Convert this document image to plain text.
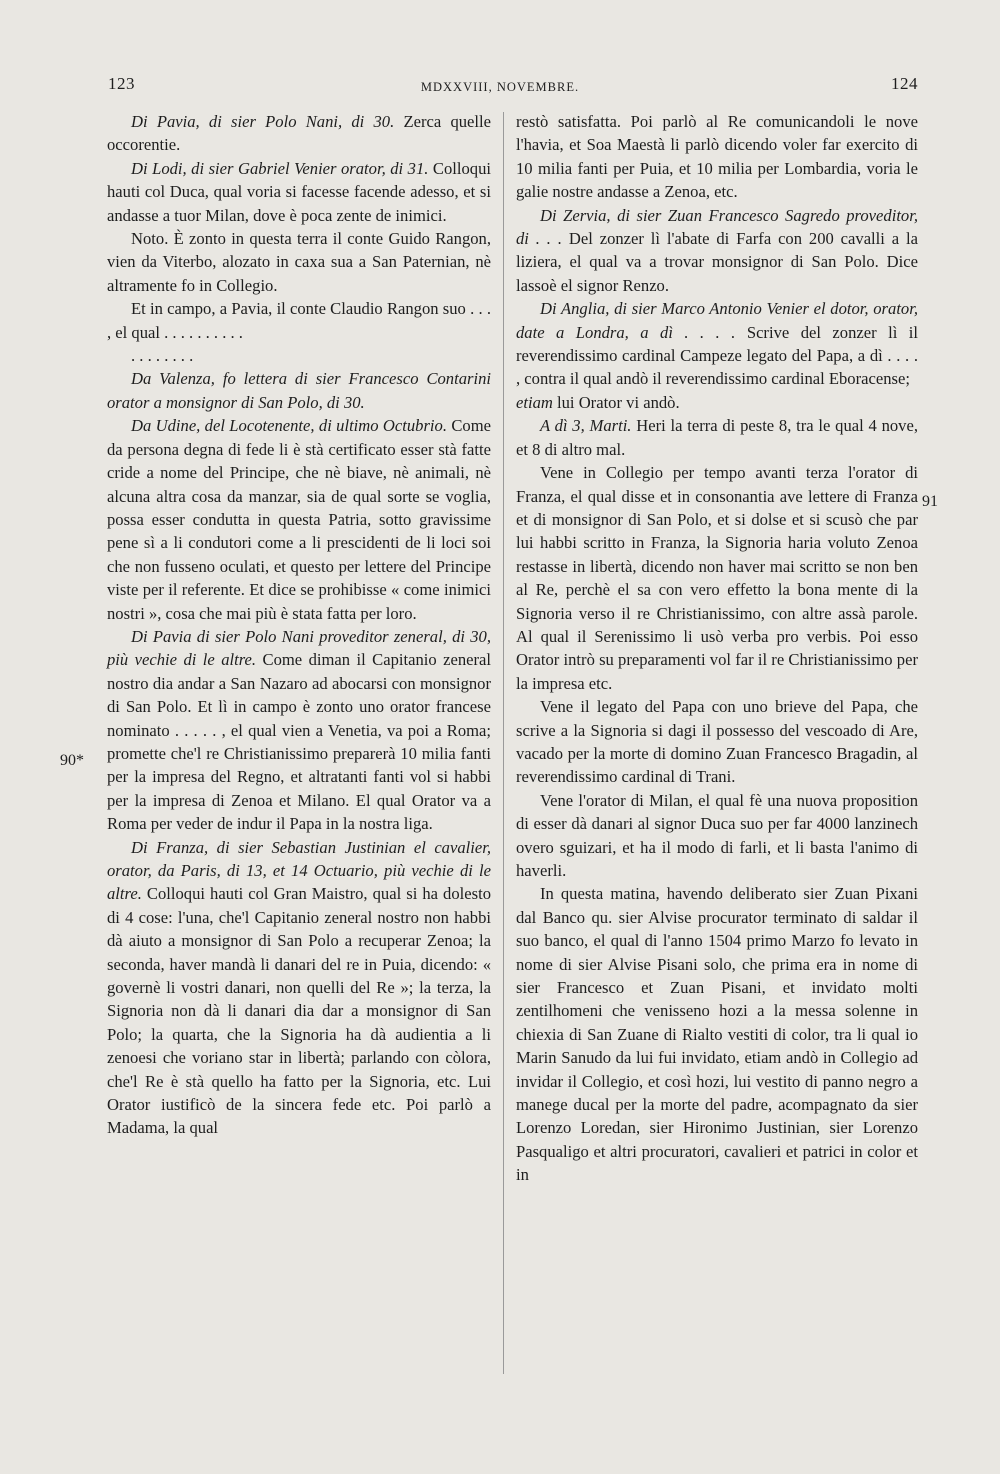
123	MDXXVIII, NOVEMBRE.	124
90*
91

Di Pavia, di sier Polo Nani, di 30. Zerca quelle occorentie.

Di Lodi, di sier Gabriel Venier orator, di 31. Colloqui hauti col Duca, qual voria si facesse facende adesso, et si andasse a tuor Milan, dove è poca zente de inimici.

Noto. È zonto in questa terra il conte Guido Rangon, vien da Viterbo, alozato in caxa sua a San Paternian, nè altramente fo in Collegio.

Et in campo, a Pavia, il conte Claudio Rangon suo . . . , el qual . . . . . . . . . .

. . . . . . . .

Da Valenza, fo lettera di sier Francesco Contarini orator a monsignor di San Polo, di 30.

Da Udine, del Locotenente, di ultimo Octubrio. Come da persona degna di fede li è stà certificato esser stà fatte cride a nome del Principe, che nè biave, nè animali, nè alcuna altra cosa da manzar, sia de qual sorte se voglia, possa esser condutta in questa Patria, sotto gravissime pene sì a li condutori come a li prescidenti de li loci soi che non fusseno oculati, et questo per lettere del Principe viste per il referente. Et dice se prohibisse « come inimici nostri », cosa che mai più è stata fatta per loro.

Di Pavia di sier Polo Nani proveditor zeneral, di 30, più vechie di le altre. Come diman il Capitanio zeneral nostro dia andar a San Nazaro ad abocarsi con monsignor di San Polo. Et lì in campo è zonto uno orator francese nominato . . . . . , el qual vien a Venetia, va poi a Roma; promette che'l re Christianissimo preparerà 10 milia fanti per la impresa del Regno, et altratanti fanti vol si habbi per la impresa di Zenoa et Milano. El qual Orator va a Roma per veder de indur il Papa in la nostra liga.

Di Franza, di sier Sebastian Justinian el cavalier, orator, da Paris, di 13, et 14 Octuario, più vechie di le altre. Colloqui hauti col Gran Maistro, qual si ha dolesto di 4 cose: l'una, che'l Capitanio zeneral nostro non habbi dà aiuto a monsignor di San Polo a recuperar Zenoa; la seconda, haver mandà li danari del re in Puia, dicendo: « governè li vostri danari, non quelli del Re »; la terza, la Signoria non dà li danari dia dar a monsignor di San Polo; la quarta, che la Signoria ha dà audientia a li zenoesi che voriano star in libertà; parlando con còlora, che'l Re è stà quello ha fatto per la Signoria, etc. Lui Orator iustificò de la sincera fede etc. Poi parlò a Madama, la qual

restò satisfatta. Poi parlò al Re comunicandoli le nove l'havia, et Soa Maestà li parlò dicendo voler far exercito di 10 milia fanti per Puia, et 10 milia per Lombardia, voria le galie nostre andasse a Zenoa, etc.

Di Zervia, di sier Zuan Francesco Sagredo proveditor, di . . . Del zonzer lì l'abate di Farfa con 200 cavalli a la liziera, el qual va a trovar monsignor di San Polo. Dice lassoè el signor Renzo.

Di Anglia, di sier Marco Antonio Venier el dotor, orator, date a Londra, a dì . . . . Scrive del zonzer lì il reverendissimo cardinal Campeze legato del Papa, a dì . . . . , contra il qual andò il reverendissimo cardinal Eboracense;

etiam lui Orator vi andò.

A dì 3, Marti. Heri la terra di peste 8, tra le qual 4 nove, et 8 di altro mal.

Vene in Collegio per tempo avanti terza l'orator di Franza, el qual disse et in consonantia ave lettere di Franza et di monsignor di San Polo, et si dolse et si scusò che par lui habbi scritto in Franza, la Signoria haria voluto Zenoa restasse in libertà, dicendo non haver mai scritto se non ben al Re, perchè el sa con vero effetto la bona mente di la Signoria verso il re Christianissimo, con altre assà parole. Al qual il Serenissimo li usò verba pro verbis. Poi esso Orator intrò su preparamenti vol far il re Christianissimo per la impresa etc.

Vene il legato del Papa con uno brieve del Papa, che scrive a la Signoria si dagi il possesso del vescoado di Are, vacado per la morte di domino Zuan Francesco Bragadin, al reverendissimo cardinal di Trani.

Vene l'orator di Milan, el qual fè una nuova proposition di esser dà danari al signor Duca suo per far 4000 lanzinech overo sguizari, et ha il modo di farli, et li basta l'animo di haverli.

In questa matina, havendo deliberato sier Zuan Pixani dal Banco qu. sier Alvise procurator terminato di saldar il suo banco, el qual di l'anno 1504 primo Marzo fo levato in nome di sier Alvise Pisani solo, che prima era in nome di sier Francesco et Zuan Pisani, et invidato molti zentilhomeni che venisseno hozi a la messa solenne in chiexia di San Zuane di Rialto vestiti di color, tra li qual io Marin Sanudo da lui fui invidato, etiam andò in Collegio ad invidar il Collegio, et così hozi, lui vestito di panno negro a manege ducal per la morte del padre, acompagnato da sier Lorenzo Loredan, sier Hironimo Justinian, sier Lorenzo Pasqualigo et altri procuratori, cavalieri et patrici in color et in
